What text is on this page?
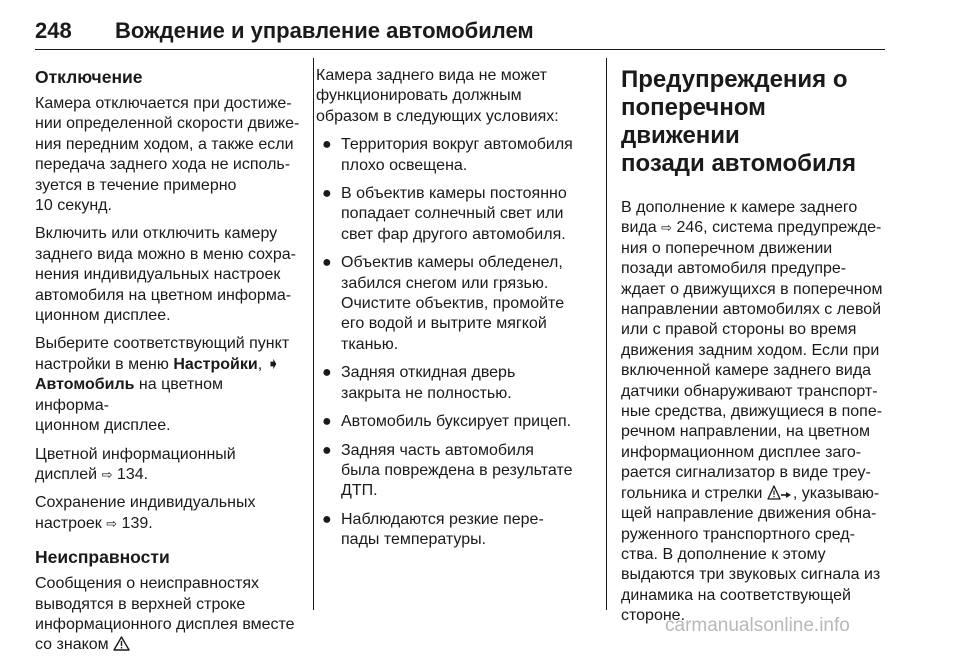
248 Вождение и управление автомобилем
Отключение

Камера отключается при достиже-
нии определенной скорости движе-
ния передним ходом, а также если
передача заднего хода не исполь-
зуется в течение примерно
10 секунд.

Включить или отключить камеру
заднего вида можно в меню сохра-
нения индивидуальных настроек
автомобиля на цветном информа-
ционном дисплее.

Выберите соответствующий пункт
настройки в меню Настройки, ➧
Автомобиль на цветном информа-
ционном дисплее.

Цветной информационный
дисплей ⇨ 134.

Сохранение индивидуальных
настроек ⇨ 139.

Неисправности

Сообщения о неисправностях
выводятся в верхней строке
информационного дисплея вместе
со знаком

Камера заднего вида не может
функционировать должным
образом в следующих условиях:

● Территория вокруг автомобиля
плохо освещена.
● В объектив камеры постоянно
попадает солнечный свет или
свет фар другого автомобиля.
● Объектив камеры обледенел,
забился снегом или грязью.
Очистите объектив, промойте
его водой и вытрите мягкой
тканью.
● Задняя откидная дверь
закрыта не полностью.
● Автомобиль буксирует прицеп.
● Задняя часть автомобиля
была повреждена в результате
ДТП.
● Наблюдаются резкие пере-
пады температуры.
Предупреждения о
поперечном движении
позади автомобиля

В дополнение к камере заднего
вида ⇨ 246, система предупрежде-
ния о поперечном движении
позади автомобиля предупре-
ждает о движущихся в поперечном
направлении автомобилях с левой
или с правой стороны во время
движения задним ходом. Если при
включенной камере заднего вида
датчики обнаруживают транспорт-
ные средства, движущиеся в попе-
речном направлении, на цветном
информационном дисплее заго-
рается сигнализатор в виде треу-
гольника и стрелки , указываю-
щей направление движения обна-
руженного транспортного сред-
ства. В дополнение к этому
выдаются три звуковых сигнала из
динамика на соответствующей
стороне.

carmanualsonline.info
